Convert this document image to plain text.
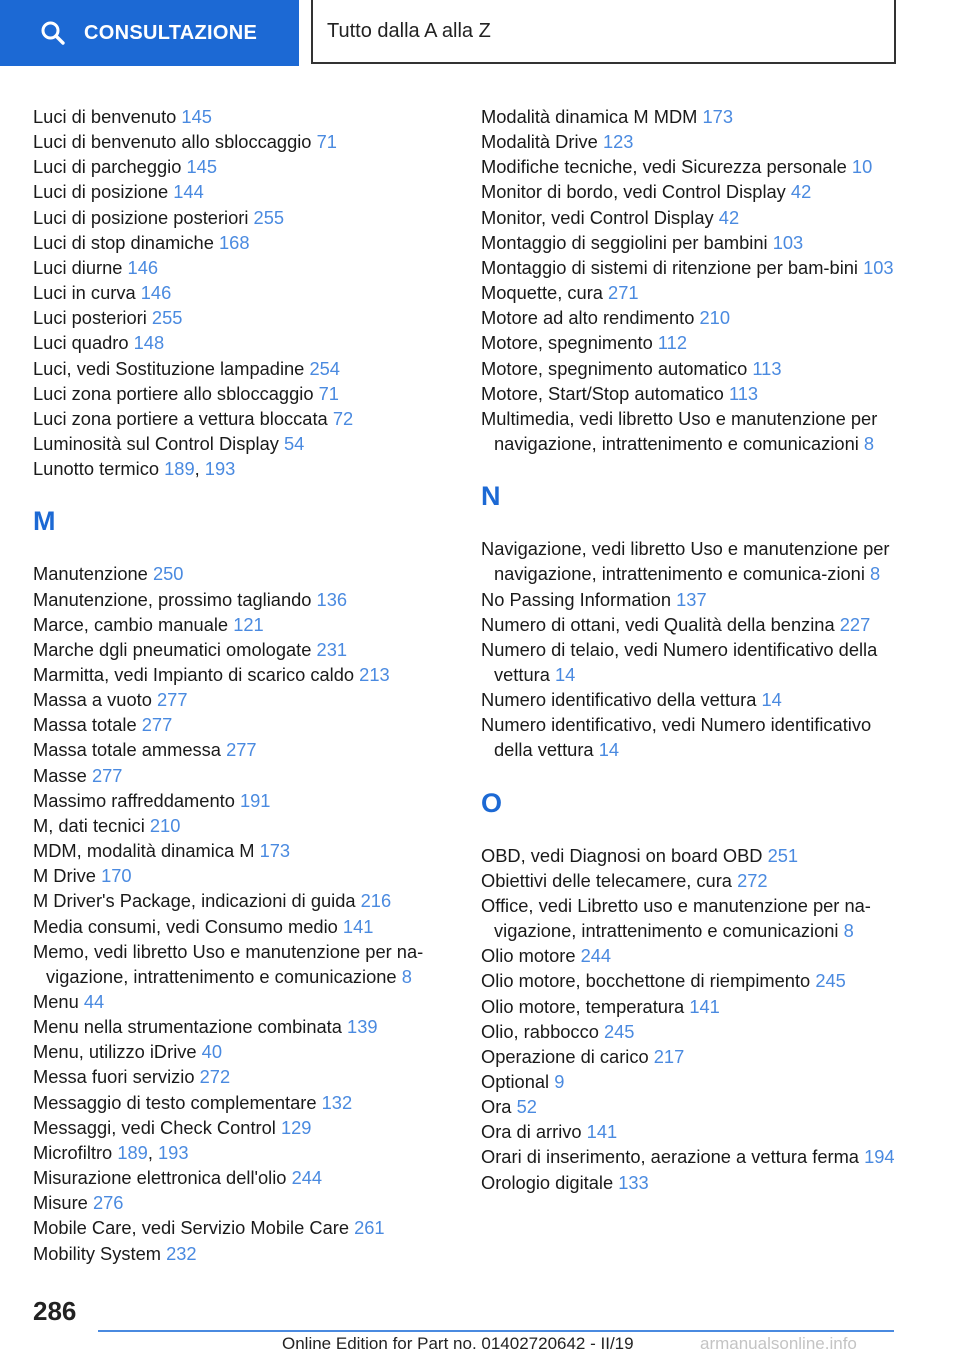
CONSULTAZIONE	Tutto dalla A alla Z
Luci di benvenuto 145
Luci di benvenuto allo sbloccaggio 71
Luci di parcheggio 145
Luci di posizione 144
Luci di posizione posteriori 255
Luci di stop dinamiche 168
Luci diurne 146
Luci in curva 146
Luci posteriori 255
Luci quadro 148
Luci, vedi Sostituzione lampadine 254
Luci zona portiere allo sbloccaggio 71
Luci zona portiere a vettura bloccata 72
Luminosità sul Control Display 54
Lunotto termico 189, 193
M
Manutenzione 250
Manutenzione, prossimo tagliando 136
Marce, cambio manuale 121
Marche dgli pneumatici omologate 231
Marmitta, vedi Impianto di scarico caldo 213
Massa a vuoto 277
Massa totale 277
Massa totale ammessa 277
Masse 277
Massimo raffreddamento 191
M, dati tecnici 210
MDM, modalità dinamica M 173
M Drive 170
M Driver's Package, indicazioni di guida 216
Media consumi, vedi Consumo medio 141
Memo, vedi libretto Uso e manutenzione per na‐vigazione, intrattenimento e comunicazione 8
Menu 44
Menu nella strumentazione combinata 139
Menu, utilizzo iDrive 40
Messa fuori servizio 272
Messaggio di testo complementare 132
Messaggi, vedi Check Control 129
Microfiltro 189, 193
Misurazione elettronica dell'olio 244
Misure 276
Mobile Care, vedi Servizio Mobile Care 261
Mobility System 232
Modalità dinamica M MDM 173
Modalità Drive 123
Modifiche tecniche, vedi Sicurezza personale 10
Monitor di bordo, vedi Control Display 42
Monitor, vedi Control Display 42
Montaggio di seggiolini per bambini 103
Montaggio di sistemi di ritenzione per bam‐bini 103
Moquette, cura 271
Motore ad alto rendimento 210
Motore, spegnimento 112
Motore, spegnimento automatico 113
Motore, Start/Stop automatico 113
Multimedia, vedi libretto Uso e manutenzione per navigazione, intrattenimento e comunicazioni 8
N
Navigazione, vedi libretto Uso e manutenzione per navigazione, intrattenimento e comunica‐zioni 8
No Passing Information 137
Numero di ottani, vedi Qualità della benzina 227
Numero di telaio, vedi Numero identificativo della vettura 14
Numero identificativo della vettura 14
Numero identificativo, vedi Numero identificativo della vettura 14
O
OBD, vedi Diagnosi on board OBD 251
Obiettivi delle telecamere, cura 272
Office, vedi Libretto uso e manutenzione per na‐vigazione, intrattenimento e comunicazioni 8
Olio motore 244
Olio motore, bocchettone di riempimento 245
Olio motore, temperatura 141
Olio, rabbocco 245
Operazione di carico 217
Optional 9
Ora 52
Ora di arrivo 141
Orari di inserimento, aerazione a vettura ferma 194
Orologio digitale 133
286
Online Edition for Part no. 01402720642 - II/19	armanualsonline.info
